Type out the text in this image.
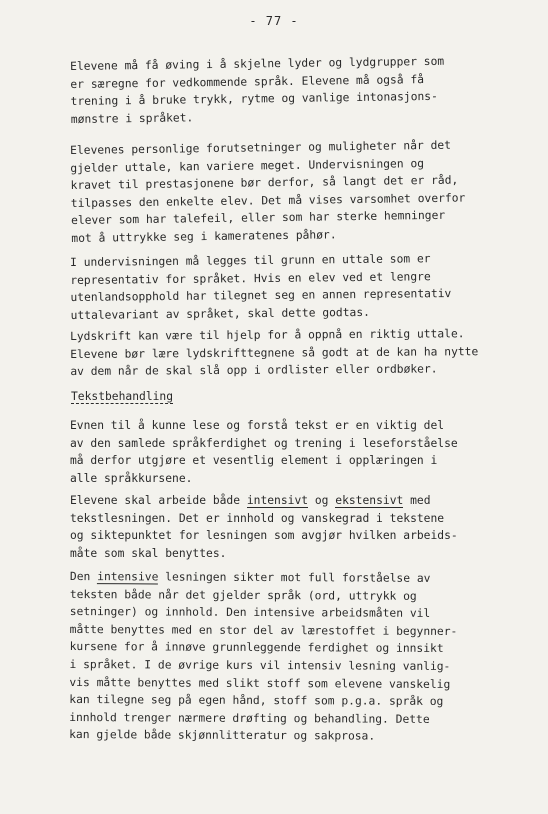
- 77 -
Elevene må få øving i å skjelne lyder og lydgrupper som
er særegne for vedkommende språk. Elevene må også få
trening i å bruke trykk, rytme og vanlige intonasjons-
mønstre i språket.
Elevenes personlige forutsetninger og muligheter når det
gjelder uttale, kan variere meget. Undervisningen og
kravet til prestasjonene bør derfor, så langt det er råd,
tilpasses den enkelte elev. Det må vises varsomhet overfor
elever som har talefeil, eller som har sterke hemninger
mot å uttrykke seg i kameratenes påhør.
I undervisningen må legges til grunn en uttale som er
representativ for språket. Hvis en elev ved et lengre
utenlandsopphold har tilegnet seg en annen representativ
uttalevariant av språket, skal dette godtas.
Lydskrift kan være til hjelp for å oppnå en riktig uttale.
Elevene bør lære lydskrifttegnene så godt at de kan ha nytte
av dem når de skal slå opp i ordlister eller ordbøker.
Tekstbehandling
Evnen til å kunne lese og forstå tekst er en viktig del
av den samlede språkferdighet og trening i leseforståelse
må derfor utgjøre et vesentlig element i opplæringen i
alle språkkursene.
Elevene skal arbeide både intensivt og ekstensivt med
tekstlesningen. Det er innhold og vanskegrad i tekstene
og siktepunktet for lesningen som avgjør hvilken arbeids-
måte som skal benyttes.
Den intensive lesningen sikter mot full forståelse av
teksten både når det gjelder språk (ord, uttrykk og
setninger) og innhold. Den intensive arbeidsmåten vil
måtte benyttes med en stor del av lærestoffet i begynner-
kursene for å innøve grunnleggende ferdighet og innsikt
i språket. I de øvrige kurs vil intensiv lesning vanlig-
vis måtte benyttes med slikt stoff som elevene vanskelig
kan tilegne seg på egen hånd, stoff som p.g.a. språk og
innhold trenger nærmere drøfting og behandling. Dette
kan gjelde både skjønnlitteratur og sakprosa.
